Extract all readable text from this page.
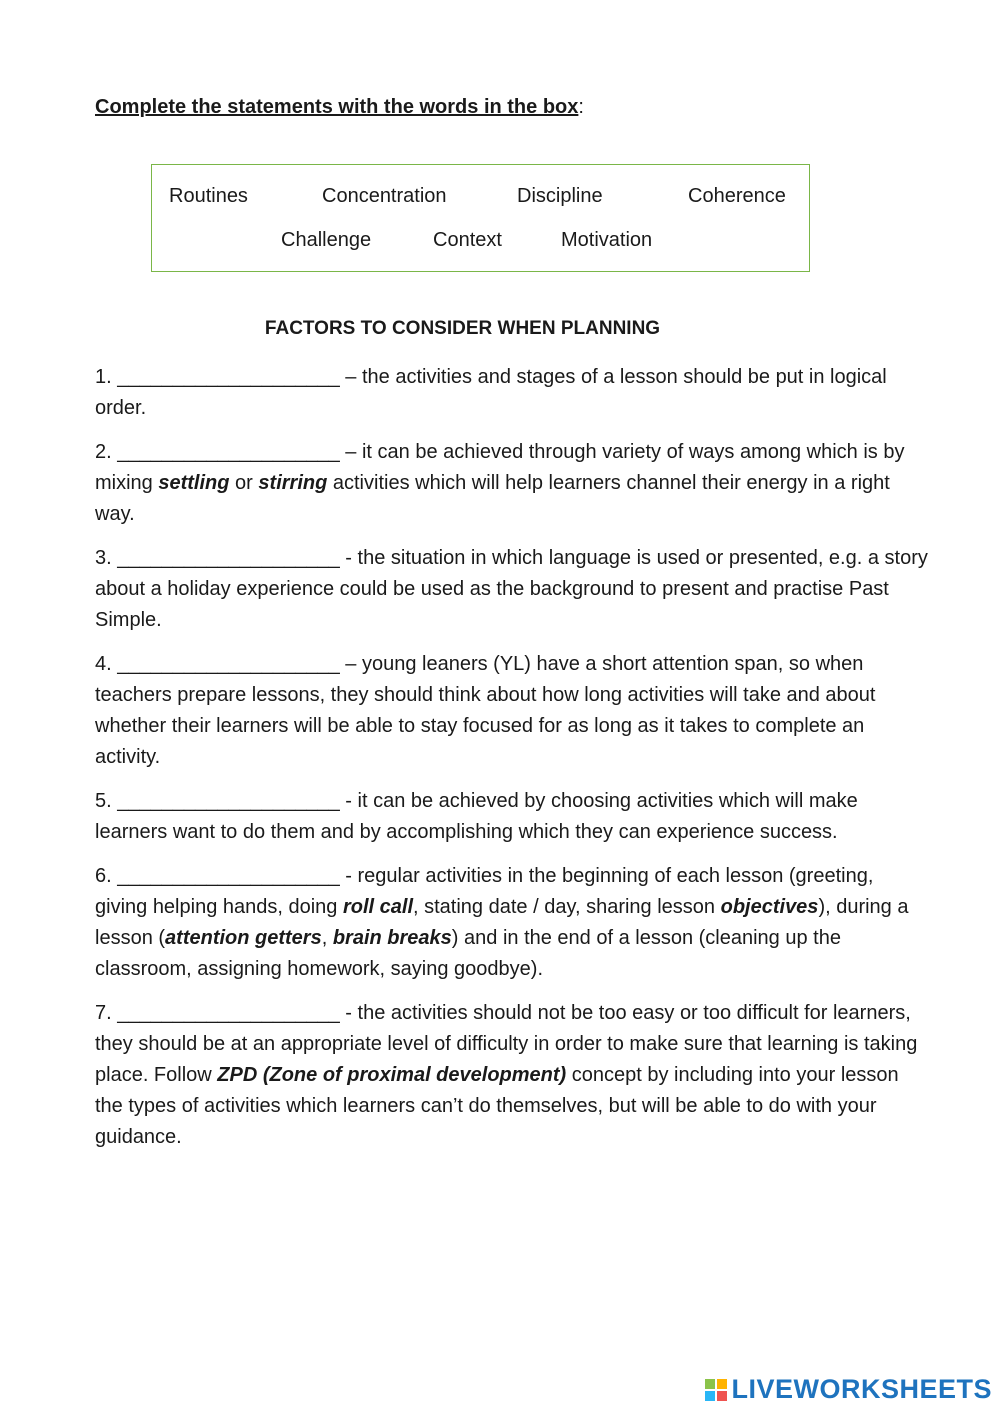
Complete the statements with the words in the box:
Routines	Concentration	Discipline	Coherence
Challenge	Context	Motivation
FACTORS TO CONSIDER WHEN PLANNING
1. ____________________ – the activities and stages of a lesson should be put in logical order.
2. ____________________ – it can be achieved through variety of ways among which is by mixing settling or stirring activities which will help learners channel their energy in a right way.
3. ____________________ - the situation in which language is used or presented, e.g. a story about a holiday experience could be used as the background to present and practise Past Simple.
4. ____________________ – young leaners (YL) have a short attention span, so when teachers prepare lessons, they should think about how long activities will take and about whether their learners will be able to stay focused for as long as it takes to complete an activity.
5. ____________________ - it can be achieved by choosing activities which will make learners want to do them and by accomplishing which they can experience success.
6. ____________________ - regular activities in the beginning of each lesson (greeting, giving helping hands, doing roll call, stating date / day, sharing lesson objectives), during a lesson (attention getters, brain breaks) and in the end of a lesson (cleaning up the classroom, assigning homework, saying goodbye).
7. ____________________ - the activities should not be too easy or too difficult for learners, they should be at an appropriate level of difficulty in order to make sure that learning is taking place. Follow ZPD (Zone of proximal development) concept by including into your lesson the types of activities which learners can’t do themselves, but will be able to do with your guidance.
LIVEWORKSHEETS
